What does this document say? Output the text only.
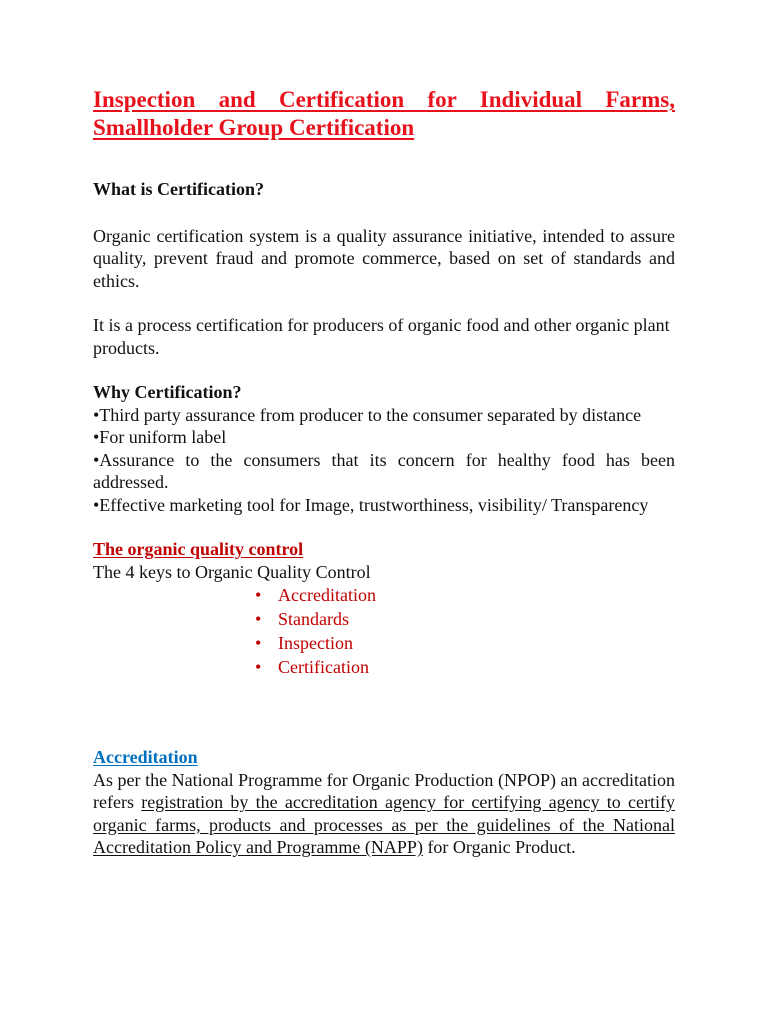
Inspection and Certification for Individual Farms, Smallholder Group Certification

What is Certification?

Organic certification system is a quality assurance initiative, intended to assure quality, prevent fraud and promote commerce, based on set of standards and ethics.

It is a process certification for producers of organic food and other organic plant products.

Why Certification?

•Third party assurance from producer to the consumer separated by distance

•For uniform label

•Assurance to the consumers that its concern for healthy food has been addressed.

•Effective marketing tool for Image, trustworthiness, visibility/ Transparency

The organic quality control

The 4 keys to Organic Quality Control

• Accreditation
• Standards
• Inspection
• Certification

Accreditation

As per the National Programme for Organic Production (NPOP) an accreditation refers registration by the accreditation agency for certifying agency to certify organic farms, products and processes as per the guidelines of the National Accreditation Policy and Programme (NAPP) for Organic Product.
